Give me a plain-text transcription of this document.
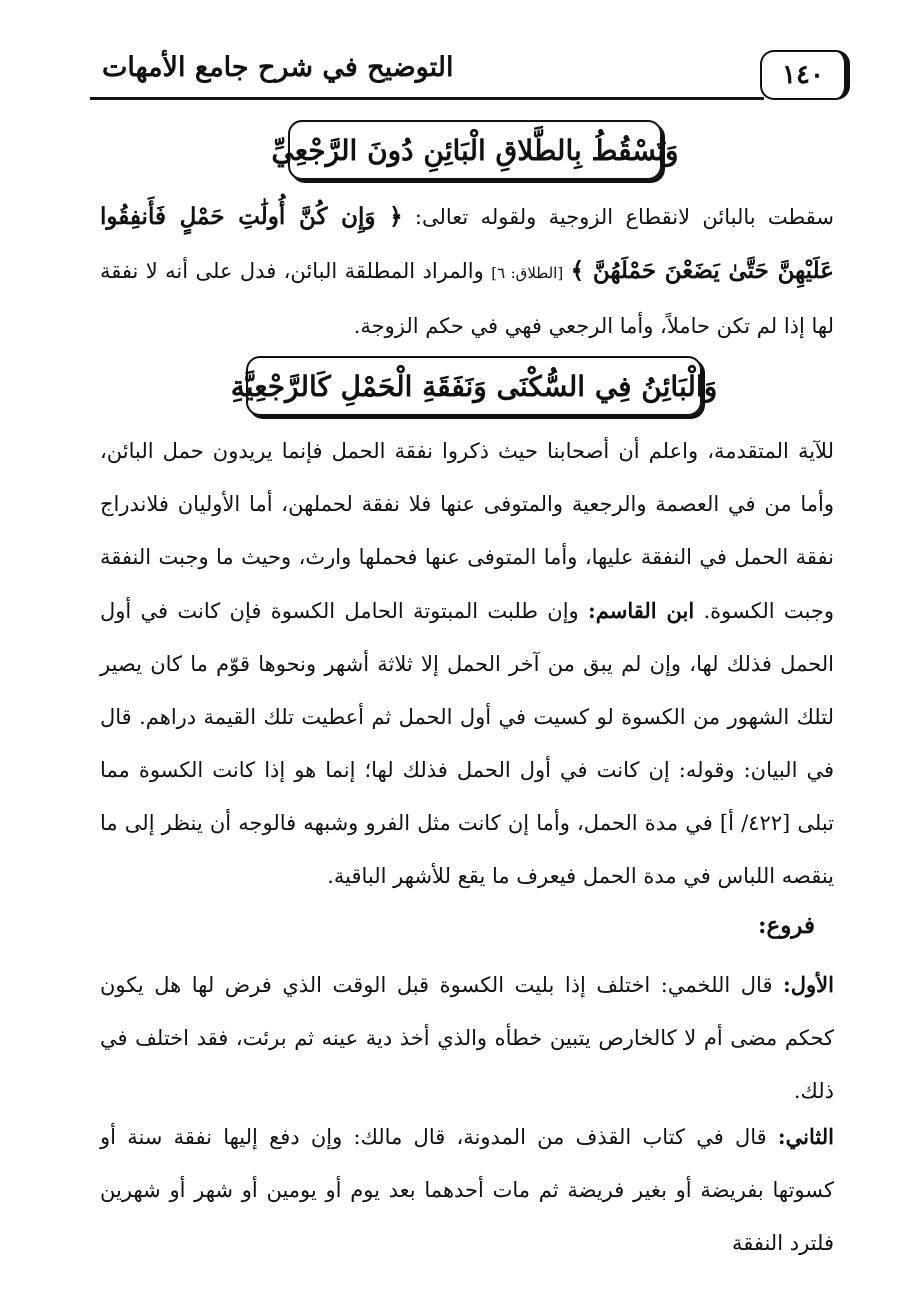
التوضيح في شرح جامع الأمهات	١٤٠
وَتَسْقُطُ بِالطَّلاقِ الْبَائِنِ دُونَ الرَّجْعِيِّ
سقطت بالبائن لانقطاع الزوجية ولقوله تعالى: ﴿ وَإِن كُنَّ أُولَٰتِ حَمْلٍ فَأَنفِقُوا عَلَيْهِنَّ حَتَّىٰ يَضَعْنَ حَمْلَهُنَّ ﴾ [الطلاق: ٦] والمراد المطلقة البائن، فدل على أنه لا نفقة لها إذا لم تكن حاملاً، وأما الرجعي فهي في حكم الزوجة.
وَالْبَائِنُ فِي السُّكْنَى وَنَفَقَةِ الْحَمْلِ كَالرَّجْعِيَّةِ
للآية المتقدمة، واعلم أن أصحابنا حيث ذكروا نفقة الحمل فإنما يريدون حمل البائن، وأما من في العصمة والرجعية والمتوفى عنها فلا نفقة لحملهن، أما الأوليان فلاندراج نفقة الحمل في النفقة عليها، وأما المتوفى عنها فحملها وارث، وحيث ما وجبت النفقة وجبت الكسوة. ابن القاسم: وإن طلبت المبتوتة الحامل الكسوة فإن كانت في أول الحمل فذلك لها، وإن لم يبق من آخر الحمل إلا ثلاثة أشهر ونحوها قوّم ما كان يصير لتلك الشهور من الكسوة لو كسيت في أول الحمل ثم أعطيت تلك القيمة دراهم. قال في البيان: وقوله: إن كانت في أول الحمل فذلك لها؛ إنما هو إذا كانت الكسوة مما تبلى [٤٢٢/ أ] في مدة الحمل، وأما إن كانت مثل الفرو وشبهه فالوجه أن ينظر إلى ما ينقصه اللباس في مدة الحمل فيعرف ما يقع للأشهر الباقية.
فروع:
الأول: قال اللخمي: اختلف إذا بليت الكسوة قبل الوقت الذي فرض لها هل يكون كحكم مضى أم لا كالخارص يتبين خطأه والذي أخذ دية عينه ثم برئت، فقد اختلف في ذلك.
الثاني: قال في كتاب القذف من المدونة، قال مالك: وإن دفع إليها نفقة سنة أو كسوتها بفريضة أو بغير فريضة ثم مات أحدهما بعد يوم أو يومين أو شهر أو شهرين فلترد النفقة
